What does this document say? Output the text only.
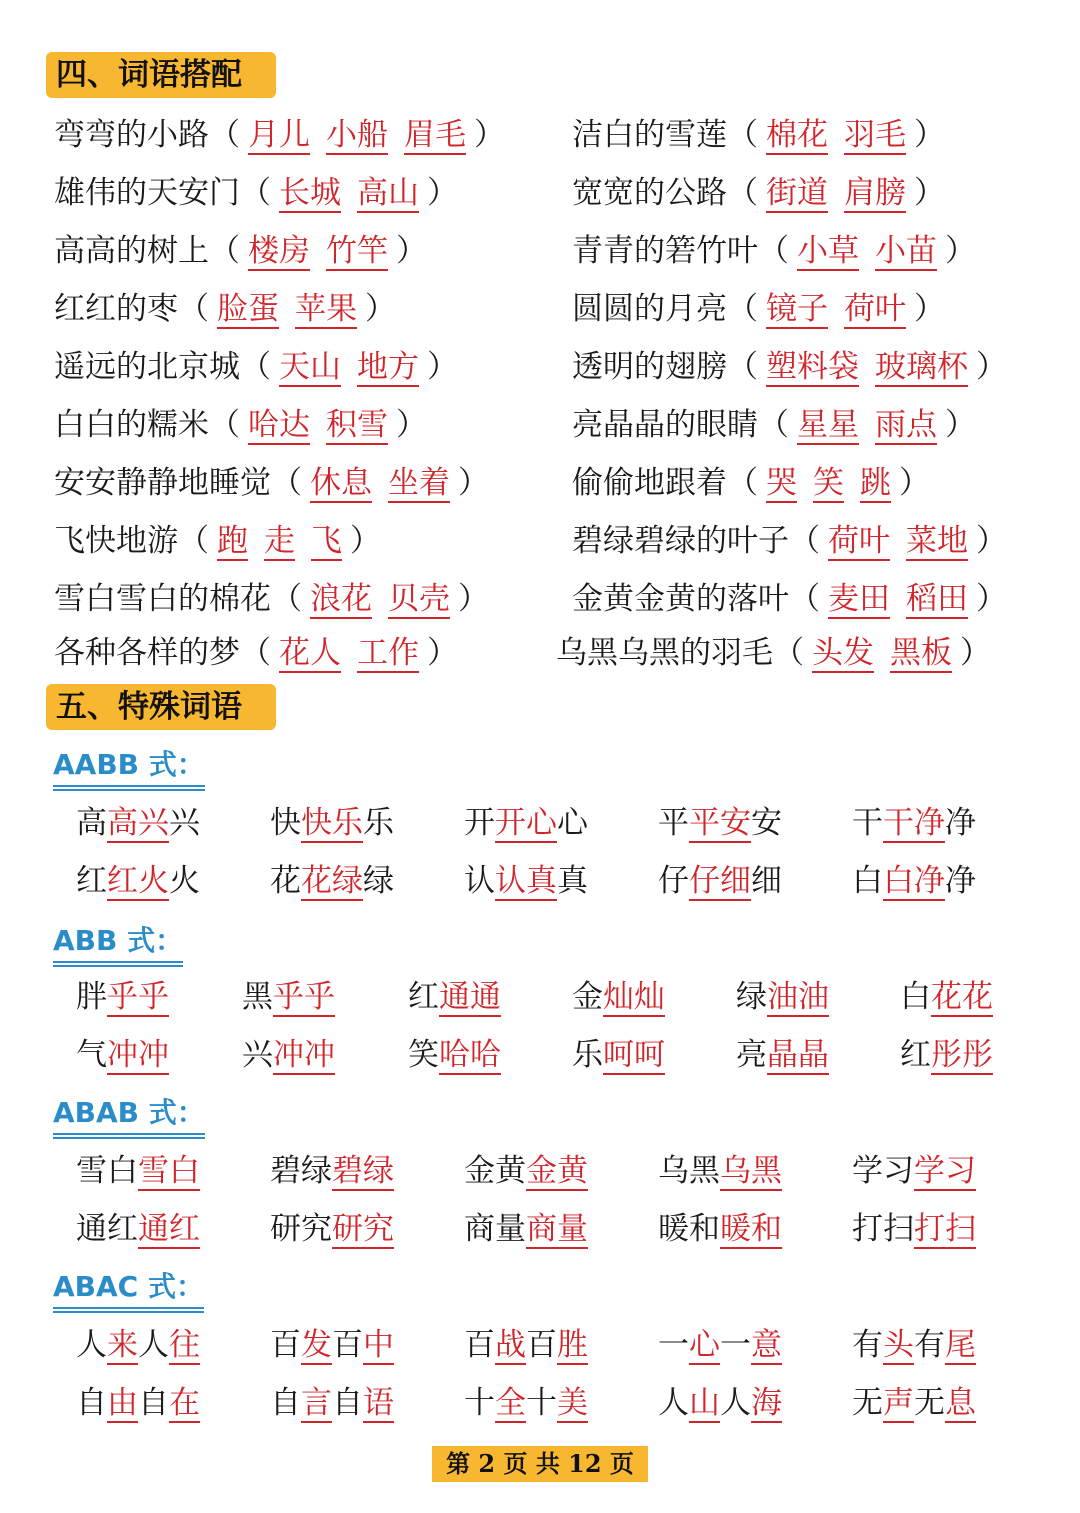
四、词语搭配
弯弯的小路（ 月儿 小船 眉毛 ） 洁白的雪莲（ 棉花 羽毛 ）
雄伟的天安门（ 长城 高山 ）	宽宽的公路（ 街道 肩膀 ）
高高的树上（ 楼房 竹竿 ）	青青的箬竹叶（ 小草 小苗 ）
红红的枣（ 脸蛋 苹果 ）	圆圆的月亮（ 镜子 荷叶 ）
遥远的北京城（ 天山 地方 ）	透明的翅膀（ 塑料袋 玻璃杯 ）
白白的糯米（ 哈达 积雪 ）	亮晶晶的眼睛（ 星星 雨点 ）
安安静静地睡觉（ 休息 坐着 ）	偷偷地跟着（ 哭 笑 跳 ）
飞快地游（ 跑 走 飞 ）	碧绿碧绿的叶子（ 荷叶 菜地 ）
雪白雪白的棉花（ 浪花 贝壳 ）	金黄金黄的落叶（ 麦田 稻田 ）
各种各样的梦（ 花人 工作 ）	乌黑乌黑的羽毛（ 头发 黑板 ）
五、特殊词语
AABB 式：
高高兴兴 快快乐乐 开开心心 平平安安 干干净净
红红火火 花花绿绿 认认真真 仔仔细细 白白净净
ABB 式：
胖乎乎 黑乎乎 红通通 金灿灿 绿油油 白花花
气冲冲 兴冲冲 笑哈哈 乐呵呵 亮晶晶 红彤彤
ABAB 式：
雪白雪白 碧绿碧绿 金黄金黄 乌黑乌黑 学习学习
通红通红 研究研究 商量商量 暖和暖和 打扫打扫
ABAC 式：
人来人往 百发百中 百战百胜 一心一意 有头有尾
自由自在 自言自语 十全十美 人山人海 无声无息
第 2 页 共 12 页
